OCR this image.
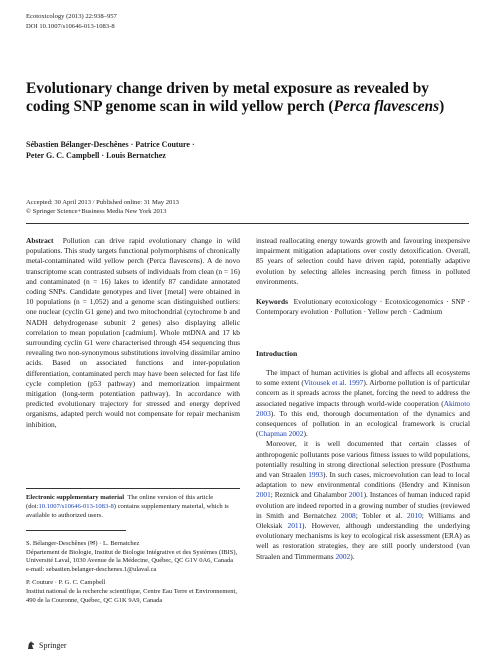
Ecotoxicology (2013) 22:938–957
DOI 10.1007/s10646-013-1083-8
Evolutionary change driven by metal exposure as revealed by coding SNP genome scan in wild yellow perch (Perca flavescens)
Sébastien Bélanger-Deschênes · Patrice Couture ·
Peter G. C. Campbell · Louis Bernatchez
Accepted: 30 April 2013 / Published online: 31 May 2013
© Springer Science+Business Media New York 2013

Abstract Pollution can drive rapid evolutionary change in wild populations. This study targets functional polymorphisms of chronically metal-contaminated wild yellow perch (Perca flavescens). A de novo transcriptome scan contrasted subsets of individuals from clean (n = 16) and contaminated (n = 16) lakes to identify 87 candidate annotated coding SNPs. Candidate genotypes and liver [metal] were obtained in 10 populations (n = 1,052) and a genome scan distinguished outliers: one nuclear (cyclin G1 gene) and two mitochondrial (cytochrome b and NADH dehydrogenase subunit 2 genes) also displaying allelic correlation to mean population [cadmium]. Whole mtDNA and 17 kb surrounding cyclin G1 were characterised through 454 sequencing thus revealing two non-synonymous substitutions involving dissimilar amino acids. Based on associated functions and inter-population differentiation, contaminated perch may have been selected for fast life cycle completion (p53 pathway) and memorization impairment mitigation (long-term potentiation pathway). In accordance with predicted evolutionary trajectory for stressed and energy deprived organisms, adapted perch would not compensate for repair mechanism inhibition,

instead reallocating energy towards growth and favouring inexpensive impairment mitigation adaptations over costly detoxification. Overall, 85 years of selection could have driven rapid, potentially adaptive evolution by selecting alleles increasing perch fitness in polluted environments.

Keywords Evolutionary ecotoxicology · Ecotoxicogenomics · SNP · Contemporary evolution · Pollution · Yellow perch · Cadmium

Introduction

The impact of human activities is global and affects all ecosystems to some extent (Vitousek et al. 1997). Airborne pollution is of particular concern as it spreads across the planet, forcing the need to address the associated negative impacts through world-wide cooperation (Akimoto 2003). To this end, thorough documentation of the dynamics and consequences of pollution in an ecological framework is crucial (Chapman 2002).

Moreover, it is well documented that certain classes of anthropogenic pollutants pose various fitness issues to wild populations, potentially resulting in strong directional selection pressure (Posthuma and van Straalen 1993). In such cases, microevolution can lead to local adaptation to new environmental conditions (Hendry and Kinnison 2001; Reznick and Ghalambor 2001). Instances of human induced rapid evolution are indeed reported in a growing number of studies (reviewed in Smith and Bernatchez 2008; Tobler et al. 2010; Williams and Oleksiak 2011). However, although understanding the underlying evolutionary mechanisms is key to ecological risk assessment (ERA) as well as restoration strategies, they are still poorly understood (van Straalen and Timmermans 2002).

Electronic supplementary material The online version of this article (doi:10.1007/s10646-013-1083-8) contains supplementary material, which is available to authorized users.

S. Bélanger-Deschênes (✉) · L. Bernatchez
Département de Biologie, Institut de Biologie Intégrative et des Systèmes (IBIS), Université Laval, 1030 Avenue de la Médecine, Québec, QC G1V 0A6, Canada
e-mail: sebastien.belanger-deschenes.1@ulaval.ca

P. Couture · P. G. C. Campbell
Institut national de la recherche scientifique, Centre Eau Terre et Environnement, 490 de la Couronne, Québec, QC G1K 9A9, Canada

Springer
